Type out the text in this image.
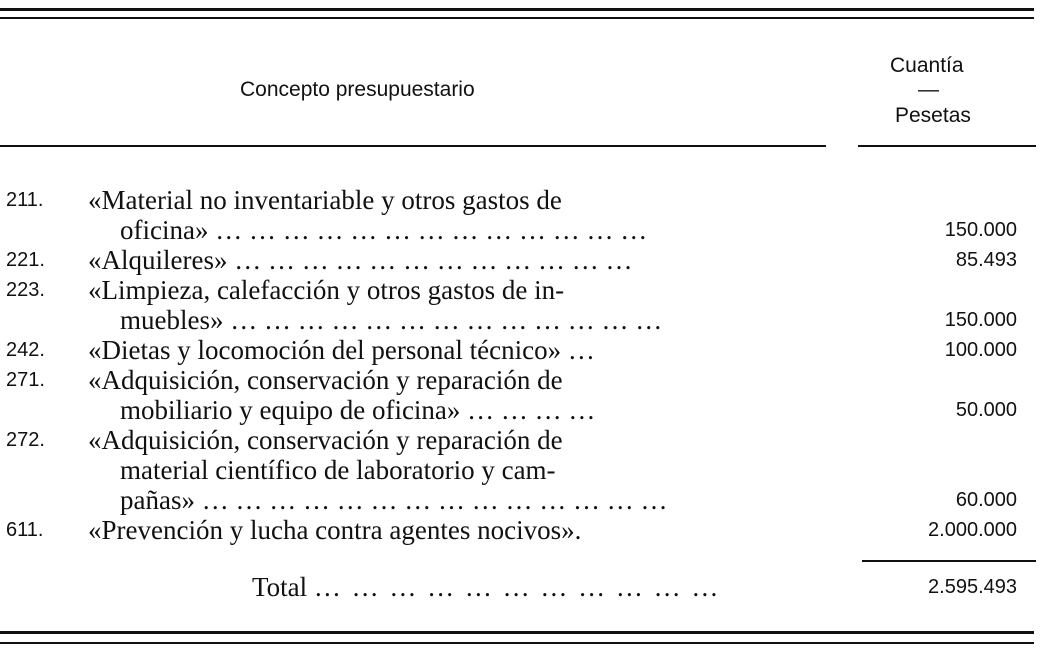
Concepto presupuestario
Cuantía
—
Pesetas
211. «Material no inventariable y otros gastos de
oficina» … … … … … … … … … … … … …	150.000
221. «Alquileres» … … … … … … … … … … … …	85.493
223. «Limpieza, calefacción y otros gastos de in-
muebles» … … … … … … … … … … … … …	150.000
242. «Dietas y locomoción del personal técnico» …	100.000
271. «Adquisición, conservación y reparación de
mobiliario y equipo de oficina» … … … …	50.000
272. «Adquisición, conservación y reparación de
material científico de laboratorio y cam-
pañas» … … … … … … … … … … … … … …	60.000
611. «Prevención y lucha contra agentes nocivos».	2.000.000
Total … … … … … … … … … … …	2.595.493
